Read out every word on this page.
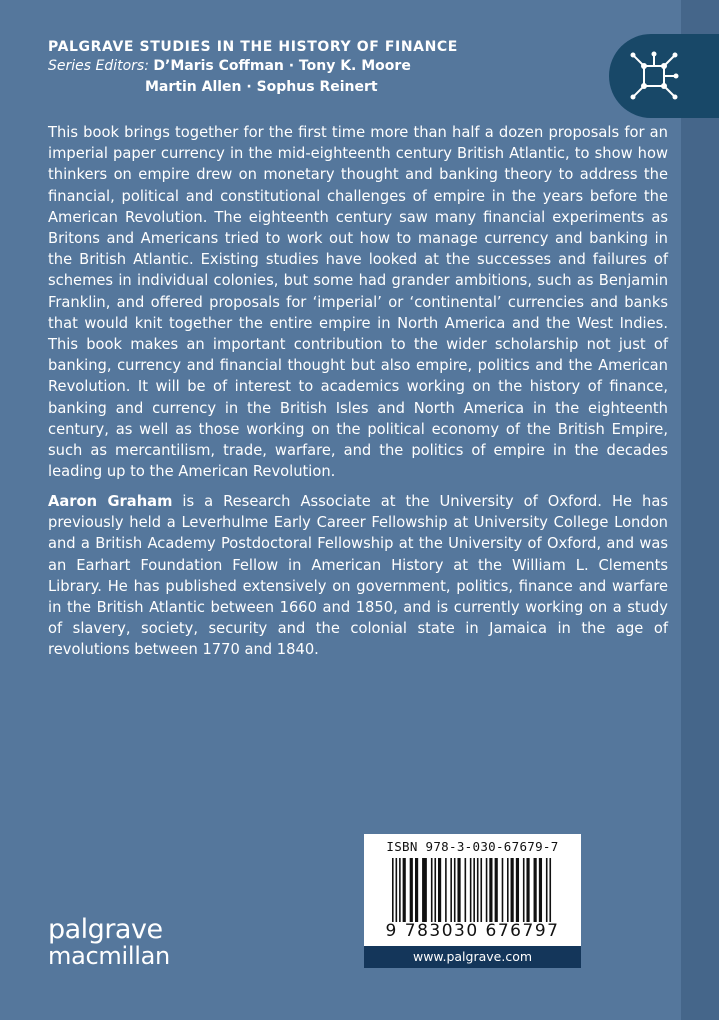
PALGRAVE STUDIES IN THE HISTORY OF FINANCE
Series Editors: D’Maris Coffman · Tony K. Moore
Martin Allen · Sophus Reinert

This book brings together for the first time more than half a dozen proposals for an imperial paper currency in the mid-eighteenth century British Atlantic, to show how thinkers on empire drew on monetary thought and banking theory to address the financial, political and constitutional challenges of empire in the years before the American Revolution. The eighteenth century saw many financial experiments as Britons and Americans tried to work out how to manage currency and banking in the British Atlantic. Existing studies have looked at the successes and failures of schemes in individual colonies, but some had grander ambitions, such as Benjamin Franklin, and offered proposals for ‘imperial’ or ‘continental’ currencies and banks that would knit together the entire empire in North America and the West Indies. This book makes an important contribution to the wider scholarship not just of banking, currency and financial thought but also empire, politics and the American Revolution. It will be of interest to academics working on the history of finance, banking and currency in the British Isles and North America in the eighteenth century, as well as those working on the political economy of the British Empire, such as mercantilism, trade, warfare, and the politics of empire in the decades leading up to the American Revolution.

Aaron Graham is a Research Associate at the University of Oxford. He has previously held a Leverhulme Early Career Fellowship at University College London and a British Academy Postdoctoral Fellowship at the University of Oxford, and was an Earhart Foundation Fellow in American History at the William L. Clements Library. He has published extensively on government, politics, finance and warfare in the British Atlantic between 1660 and 1850, and is currently working on a study of slavery, society, security and the colonial state in Jamaica in the age of revolutions between 1770 and 1840.

ISBN 978-3-030-67679-7
9 783030 676797
www.palgrave.com
palgrave
macmillan
